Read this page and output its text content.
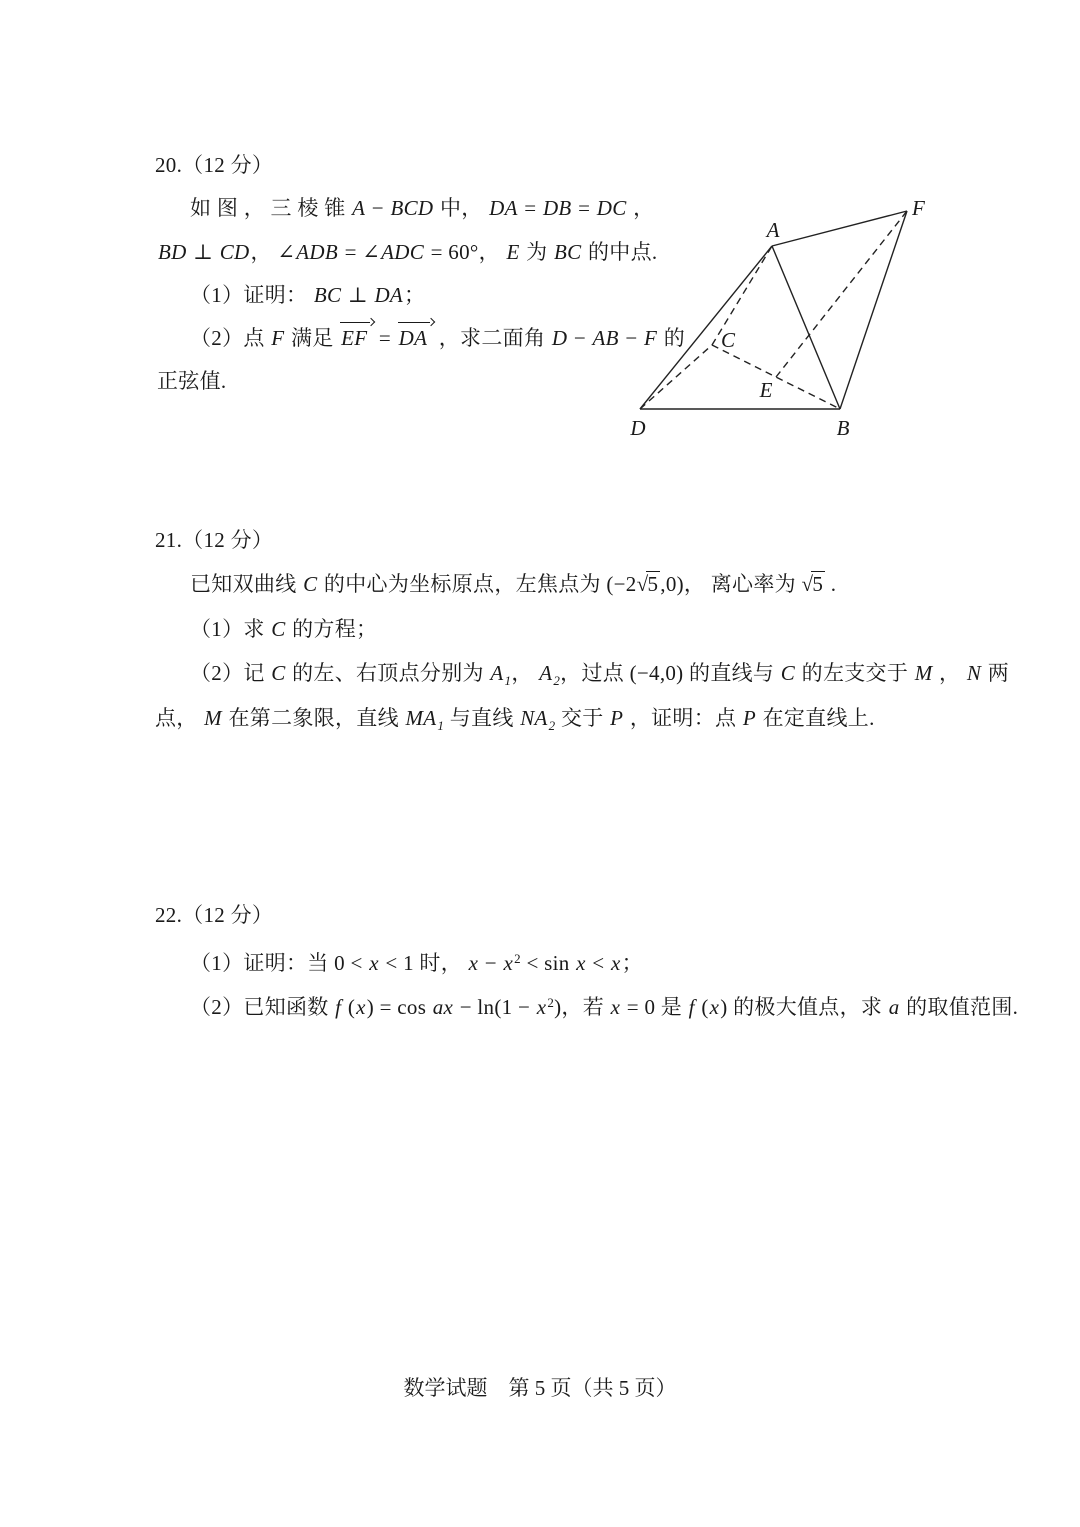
20.（12 分）
如 图 ， 三 棱 锥 A − BCD 中， DA = DB = DC ，
BD ⊥ CD， ∠ADB = ∠ADC = 60°， E 为 BC 的中点.
（1）证明： BC ⊥ DA；
（2）点 F 满足 EF = DA ，求二面角 D − AB − F 的
正弦值.
21.（12 分）
已知双曲线 C 的中心为坐标原点，左焦点为 (−2√5,0)， 离心率为 √5 .
（1）求 C 的方程；
（2）记 C 的左、右顶点分别为 $A_1$， $A_2$，过点 (−4,0) 的直线与 C 的左支交于 M ， N 两
点， M 在第二象限，直线 $MA_1$ 与直线 $NA_2$ 交于 P ，证明：点 P 在定直线上.
22.（12 分）
（1）证明：当 0 < x < 1 时， $x - x^2 < \sin x < x$；
（2）已知函数 f (x) = cos ax − $\ln(1 - x^2)$，若 x = 0 是 f (x) 的极大值点，求 a 的取值范围.
A
F
C
E
D	B
数学试题　第 5 页（共 5 页）
